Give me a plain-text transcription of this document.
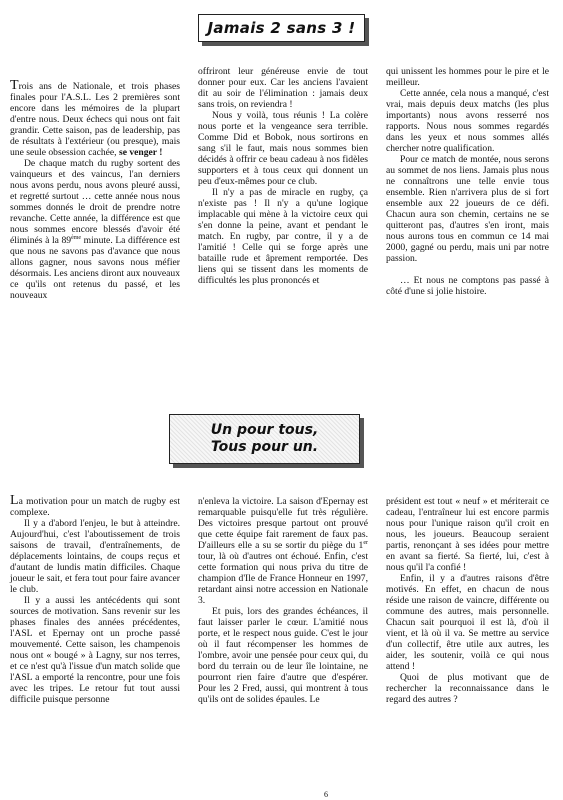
Jamais 2 sans 3 !

Trois ans de Nationale, et trois phases finales pour l'A.S.L. Les 2 premières sont encore dans les mémoires de la plupart d'entre nous. Deux échecs qui nous ont fait grandir. Cette saison, pas de leadership, pas de résultats à l'extérieur (ou presque), mais une seule obsession cachée, se venger !

De chaque match du rugby sortent des vainqueurs et des vaincus, l'an derniers nous avons perdu, nous avons pleuré aussi, et regretté surtout … cette année nous nous sommes donnés le droit de prendre notre revanche. Cette année, la différence est que nous sommes encore blessés d'avoir été éliminés à la 89ème minute. La différence est que nous ne savons pas d'avance que nous allons gagner, nous savons nous méfier désormais. Les anciens diront aux nouveaux ce qu'ils ont retenus du passé, et les nouveaux

offriront leur généreuse envie de tout donner pour eux. Car les anciens l'avaient dit au soir de l'élimination : jamais deux sans trois, on reviendra !

Nous y voilà, tous réunis ! La colère nous porte et la vengeance sera terrible. Comme Did et Bobok, nous sortirons en sang s'il le faut, mais nous sommes bien décidés à offrir ce beau cadeau à nos fidèles supporters et à tous ceux qui donnent un peu d'eux-mêmes pour ce club.

Il n'y a pas de miracle en rugby, ça n'existe pas ! Il n'y a qu'une logique implacable qui mène à la victoire ceux qui s'en donne la peine, avant et pendant le match. En rugby, par contre, il y a de l'amitié ! Celle qui se forge après une bataille rude et âprement remportée. Des liens qui se tissent dans les moments de difficultés les plus prononcés et

qui unissent les hommes pour le pire et le meilleur.

Cette année, cela nous a manqué, c'est vrai, mais depuis deux matchs (les plus importants) nous avons resserré nos rapports. Nous nous sommes regardés dans les yeux et nous sommes allés chercher notre qualification.

Pour ce match de montée, nous serons au sommet de nos liens. Jamais plus nous ne connaîtrons une telle envie tous ensemble. Rien n'arrivera plus de si fort ensemble aux 22 joueurs de ce défi. Chacun aura son chemin, certains ne se quitteront pas, d'autres s'en iront, mais nous aurons tous en commun ce 14 mai 2000, gagné ou perdu, mais uni par notre passion.

… Et nous ne comptons pas passé à côté d'une si jolie histoire.

Un pour tous,
Tous pour un.

La motivation pour un match de rugby est complexe.

Il y a d'abord l'enjeu, le but à atteindre. Aujourd'hui, c'est l'aboutissement de trois saisons de travail, d'entraînements, de déplacements lointains, de coups reçus et d'autant de lundis matin difficiles. Chaque joueur le sait, et fera tout pour faire avancer le club.

Il y a aussi les antécédents qui sont sources de motivation. Sans revenir sur les phases finales des années précédentes, l'ASL et Epernay ont un proche passé mouvementé. Cette saison, les champenois nous ont « bougé » à Lagny, sur nos terres, et ce n'est qu'à l'issue d'un match solide que l'ASL a emporté la rencontre, pour une fois avec les tripes. Le retour fut tout aussi difficile puisque personne

n'enleva la victoire. La saison d'Epernay est remarquable puisqu'elle fut très régulière. Des victoires presque partout ont prouvé que cette équipe fait rarement de faux pas. D'ailleurs elle a su se sortir du piège du 1er tour, là où d'autres ont échoué. Enfin, c'est cette formation qui nous priva du titre de champion d'Ile de France Honneur en 1997, retardant ainsi notre accession en Nationale 3.

Et puis, lors des grandes échéances, il faut laisser parler le cœur. L'amitié nous porte, et le respect nous guide. C'est le jour où il faut récompenser les hommes de l'ombre, avoir une pensée pour ceux qui, du bord du terrain ou de leur île lointaine, ne pourront rien faire d'autre que d'espérer. Pour les 2 Fred, aussi, qui montrent à tous qu'ils ont de solides épaules. Le

président est tout « neuf » et mériterait ce cadeau, l'entraîneur lui est encore parmis nous pour l'unique raison qu'il croit en nous, les joueurs. Beaucoup seraient partis, renonçant à ses idées pour mettre en avant sa fierté. Sa fierté, lui, c'est à nous qu'il l'a confié !

Enfin, il y a d'autres raisons d'être motivés. En effet, en chacun de nous réside une raison de vaincre, différente ou commune des autres, mais personnelle. Chacun sait pourquoi il est là, d'où il vient, et là où il va. Se mettre au service d'un collectif, être utile aux autres, les aider, les soutenir, voilà ce qui nous attend !

Quoi de plus motivant que de rechercher la reconnaissance dans le regard des autres ?

6
